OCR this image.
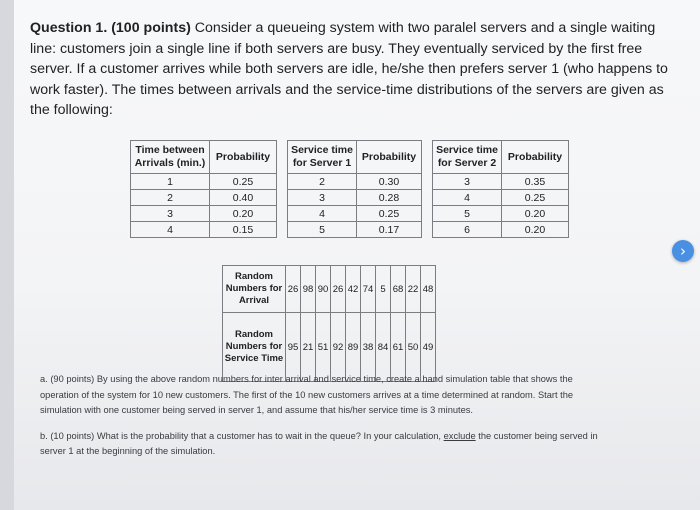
Question 1. (100 points) Consider a queueing system with two paralel servers and a single waiting line: customers join a single line if both servers are busy. They eventually serviced by the first free server. If a customer arrives while both servers are idle, he/she then prefers server 1 (who happens to work faster). The times between arrivals and the service-time distributions of the servers are given as the following:
Time between Arrivals (min.)	Probability		Service time for Server 1	Probability		Service time for Server 2	Probability
1	0.25		2	0.30		3	0.35
2	0.40		3	0.28		4	0.25
3	0.20		4	0.25		5	0.20
4	0.15		5	0.17		6	0.20
Random Numbers for Arrival	26	98	90	26	42	74	5	68	22	48
Random Numbers for Service Time	95	21	51	92	89	38	84	61	50	49
a. (90 points) By using the above random numbers for inter arrival and service time, create a hand simulation table that shows the operation of the system for 10 new customers. The first of the 10 new customers arrives at a time determined at random. Start the simulation with one customer being served in server 1, and assume that his/her service time is 3 minutes.
b. (10 points) What is the probability that a customer has to wait in the queue? In your calculation, exclude the customer being served in server 1 at the beginning of the simulation.
›
